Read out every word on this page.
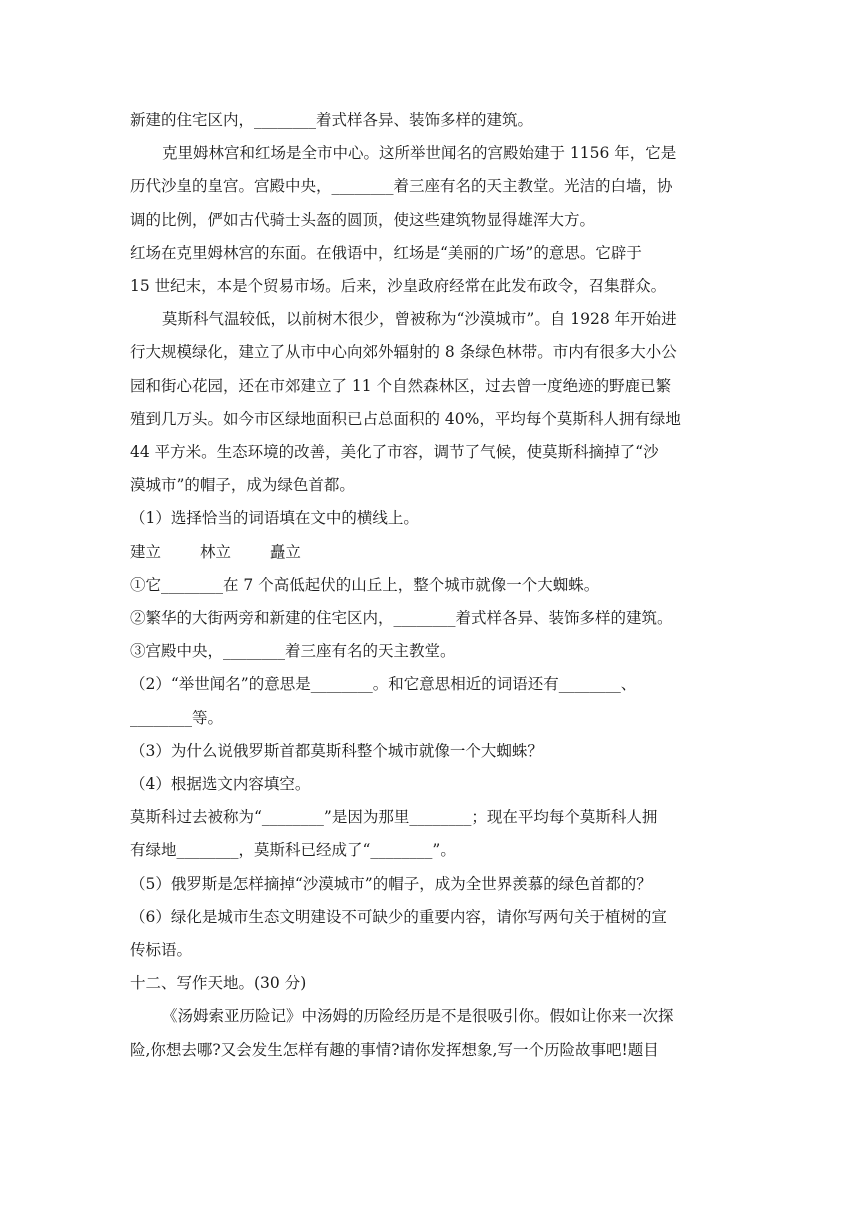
新建的住宅区内，________着式样各异、装饰多样的建筑。

克里姆林宫和红场是全市中心。这所举世闻名的宫殿始建于 1156 年，它是

历代沙皇的皇宫。宫殿中央，________着三座有名的天主教堂。光洁的白墙，协

调的比例，俨如古代骑士头盔的圆顶，使这些建筑物显得雄浑大方。

红场在克里姆林宫的东面。在俄语中，红场是“美丽的广场”的意思。它辟于

15 世纪末，本是个贸易市场。后来，沙皇政府经常在此发布政令，召集群众。

莫斯科气温较低，以前树木很少，曾被称为“沙漠城市”。自 1928 年开始进

行大规模绿化，建立了从市中心向郊外辐射的 8 条绿色林带。市内有很多大小公

园和街心花园，还在市郊建立了 11 个自然森林区，过去曾一度绝迹的野鹿已繁

殖到几万头。如今市区绿地面积已占总面积的 40%，平均每个莫斯科人拥有绿地

44 平方米。生态环境的改善，美化了市容，调节了气候，使莫斯科摘掉了“沙

漠城市”的帽子，成为绿色首都。

（1）选择恰当的词语填在文中的横线上。

建立	林立	矗立

①它________在 7 个高低起伏的山丘上，整个城市就像一个大蜘蛛。

②繁华的大街两旁和新建的住宅区内，________着式样各异、装饰多样的建筑。

③宫殿中央，________着三座有名的天主教堂。

（2）“举世闻名”的意思是________。和它意思相近的词语还有________、

________等。

（3）为什么说俄罗斯首都莫斯科整个城市就像一个大蜘蛛？

（4）根据选文内容填空。

莫斯科过去被称为“________”是因为那里________；现在平均每个莫斯科人拥

有绿地________，莫斯科已经成了“________”。

（5）俄罗斯是怎样摘掉“沙漠城市”的帽子，成为全世界羡慕的绿色首都的？

（6）绿化是城市生态文明建设不可缺少的重要内容，请你写两句关于植树的宣

传标语。

十二、写作天地。(30 分)

《汤姆索亚历险记》中汤姆的历险经历是不是很吸引你。假如让你来一次探

险,你想去哪?又会发生怎样有趣的事情?请你发挥想象,写一个历险故事吧!题目
